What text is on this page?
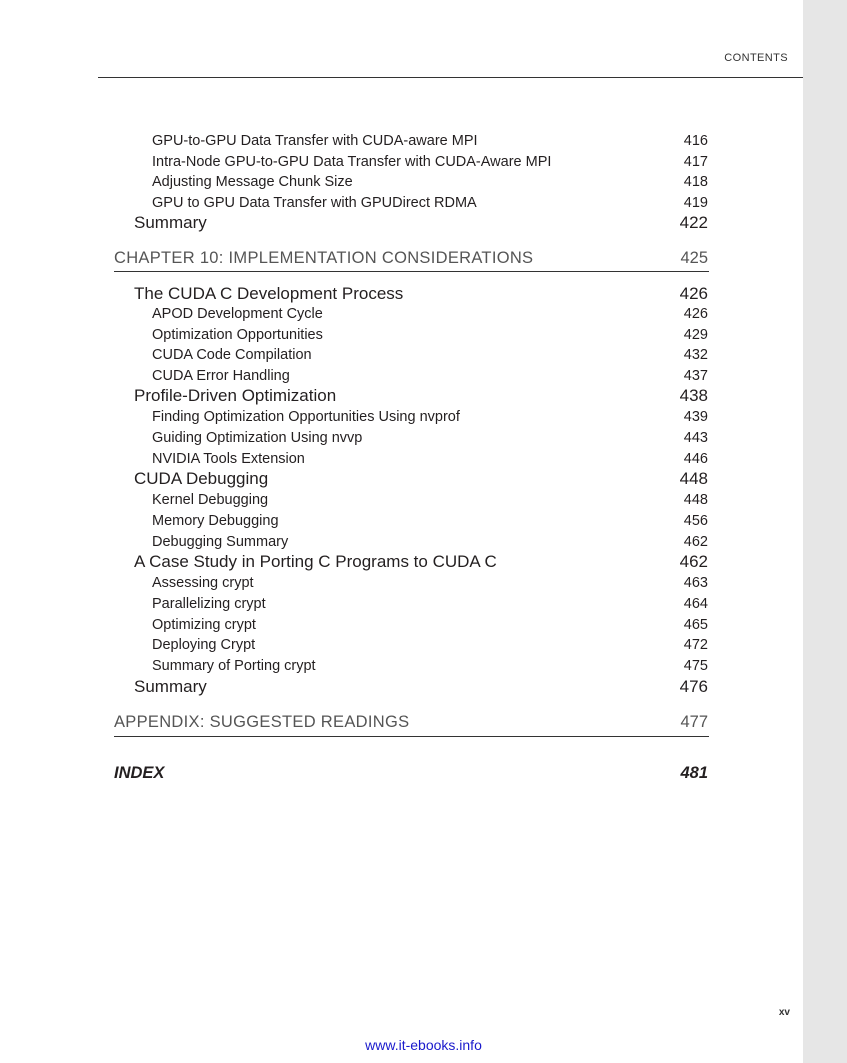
CONTENTS
GPU-to-GPU Data Transfer with CUDA-aware MPI	416
Intra-Node GPU-to-GPU Data Transfer with CUDA-Aware MPI	417
Adjusting Message Chunk Size	418
GPU to GPU Data Transfer with GPUDirect RDMA	419
Summary	422
CHAPTER 10: IMPLEMENTATION CONSIDERATIONS	425
The CUDA C Development Process	426
APOD Development Cycle	426
Optimization Opportunities	429
CUDA Code Compilation	432
CUDA Error Handling	437
Profile-Driven Optimization	438
Finding Optimization Opportunities Using nvprof	439
Guiding Optimization Using nvvp	443
NVIDIA Tools Extension	446
CUDA Debugging	448
Kernel Debugging	448
Memory Debugging	456
Debugging Summary	462
A Case Study in Porting C Programs to CUDA C	462
Assessing crypt	463
Parallelizing crypt	464
Optimizing crypt	465
Deploying Crypt	472
Summary of Porting crypt	475
Summary	476
APPENDIX: SUGGESTED READINGS	477
INDEX	481
xv
www.it-ebooks.info
